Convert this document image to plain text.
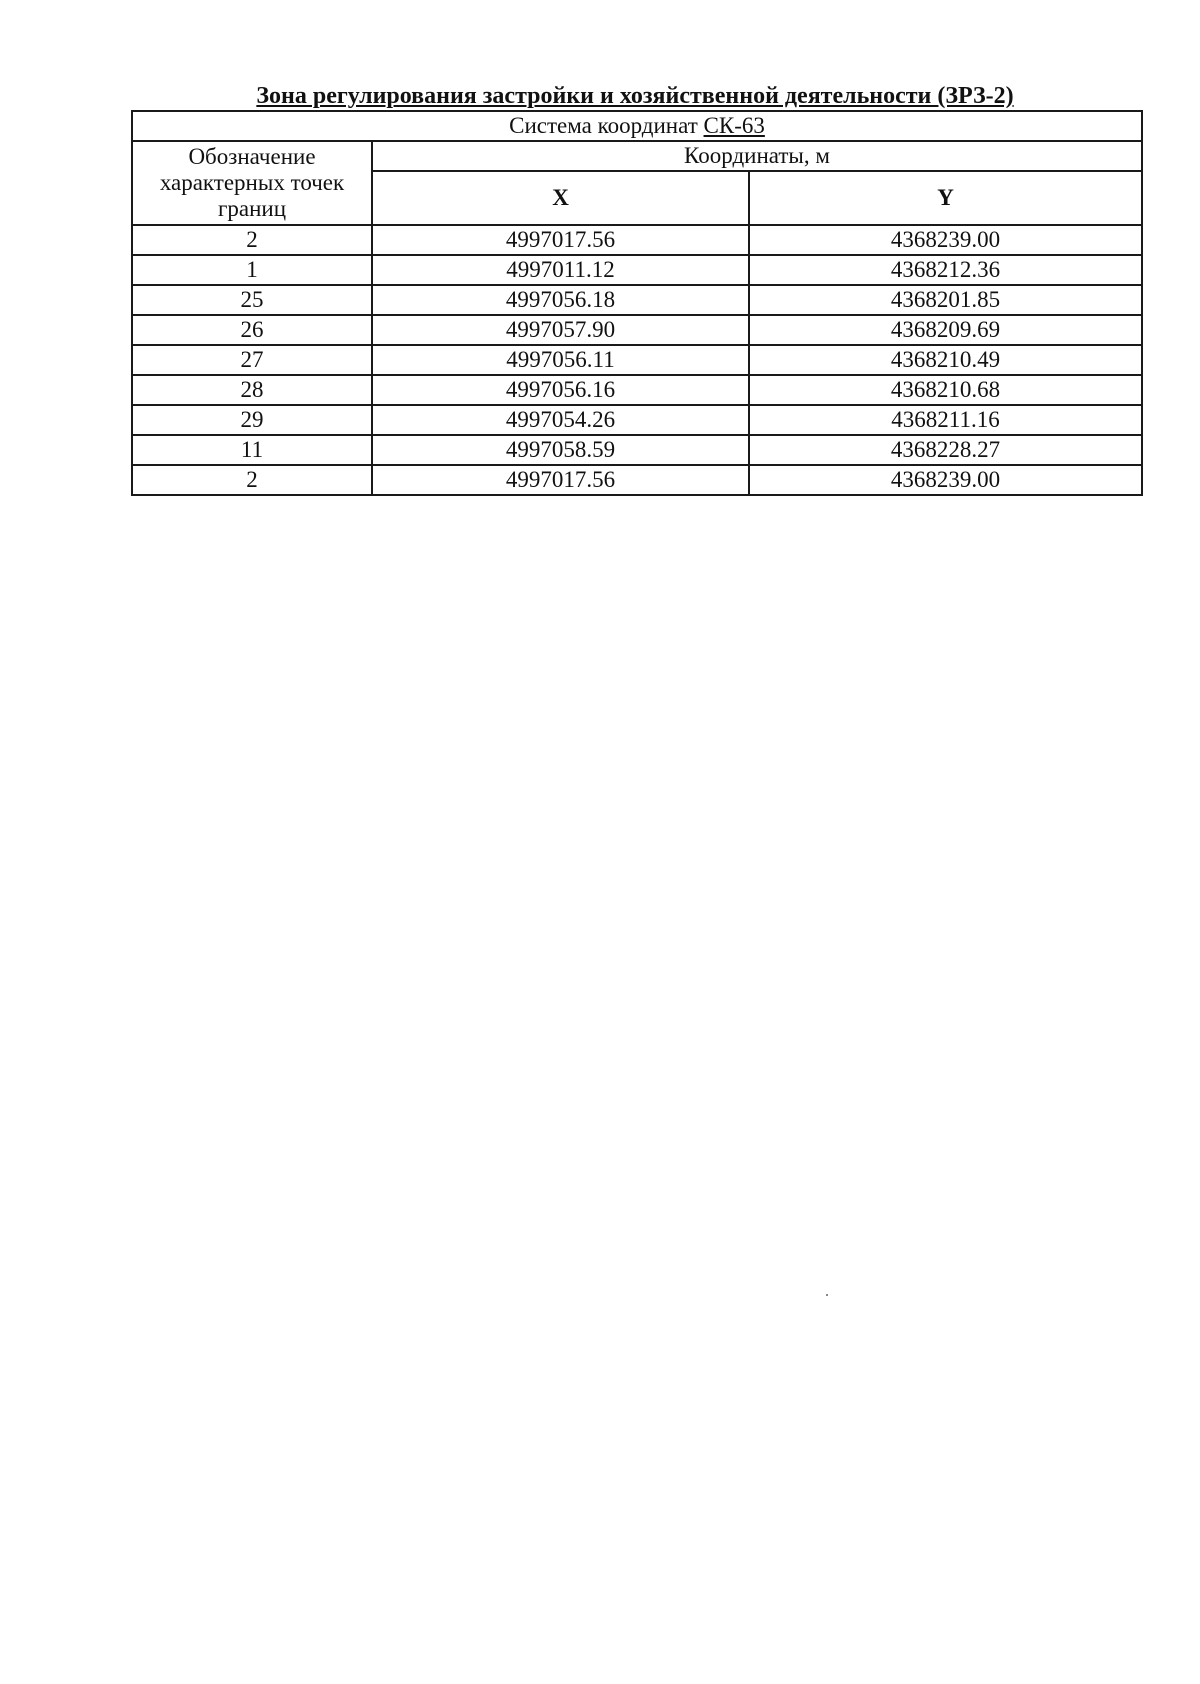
Зона регулирования застройки и хозяйственной деятельности (ЗРЗ-2)
Система координат СК-63		
Обозначение характерных точек границ	Координаты, м	
	X	Y
2	4997017.56	4368239.00
1	4997011.12	4368212.36
25	4997056.18	4368201.85
26	4997057.90	4368209.69
27	4997056.11	4368210.49
28	4997056.16	4368210.68
29	4997054.26	4368211.16
11	4997058.59	4368228.27
2	4997017.56	4368239.00
